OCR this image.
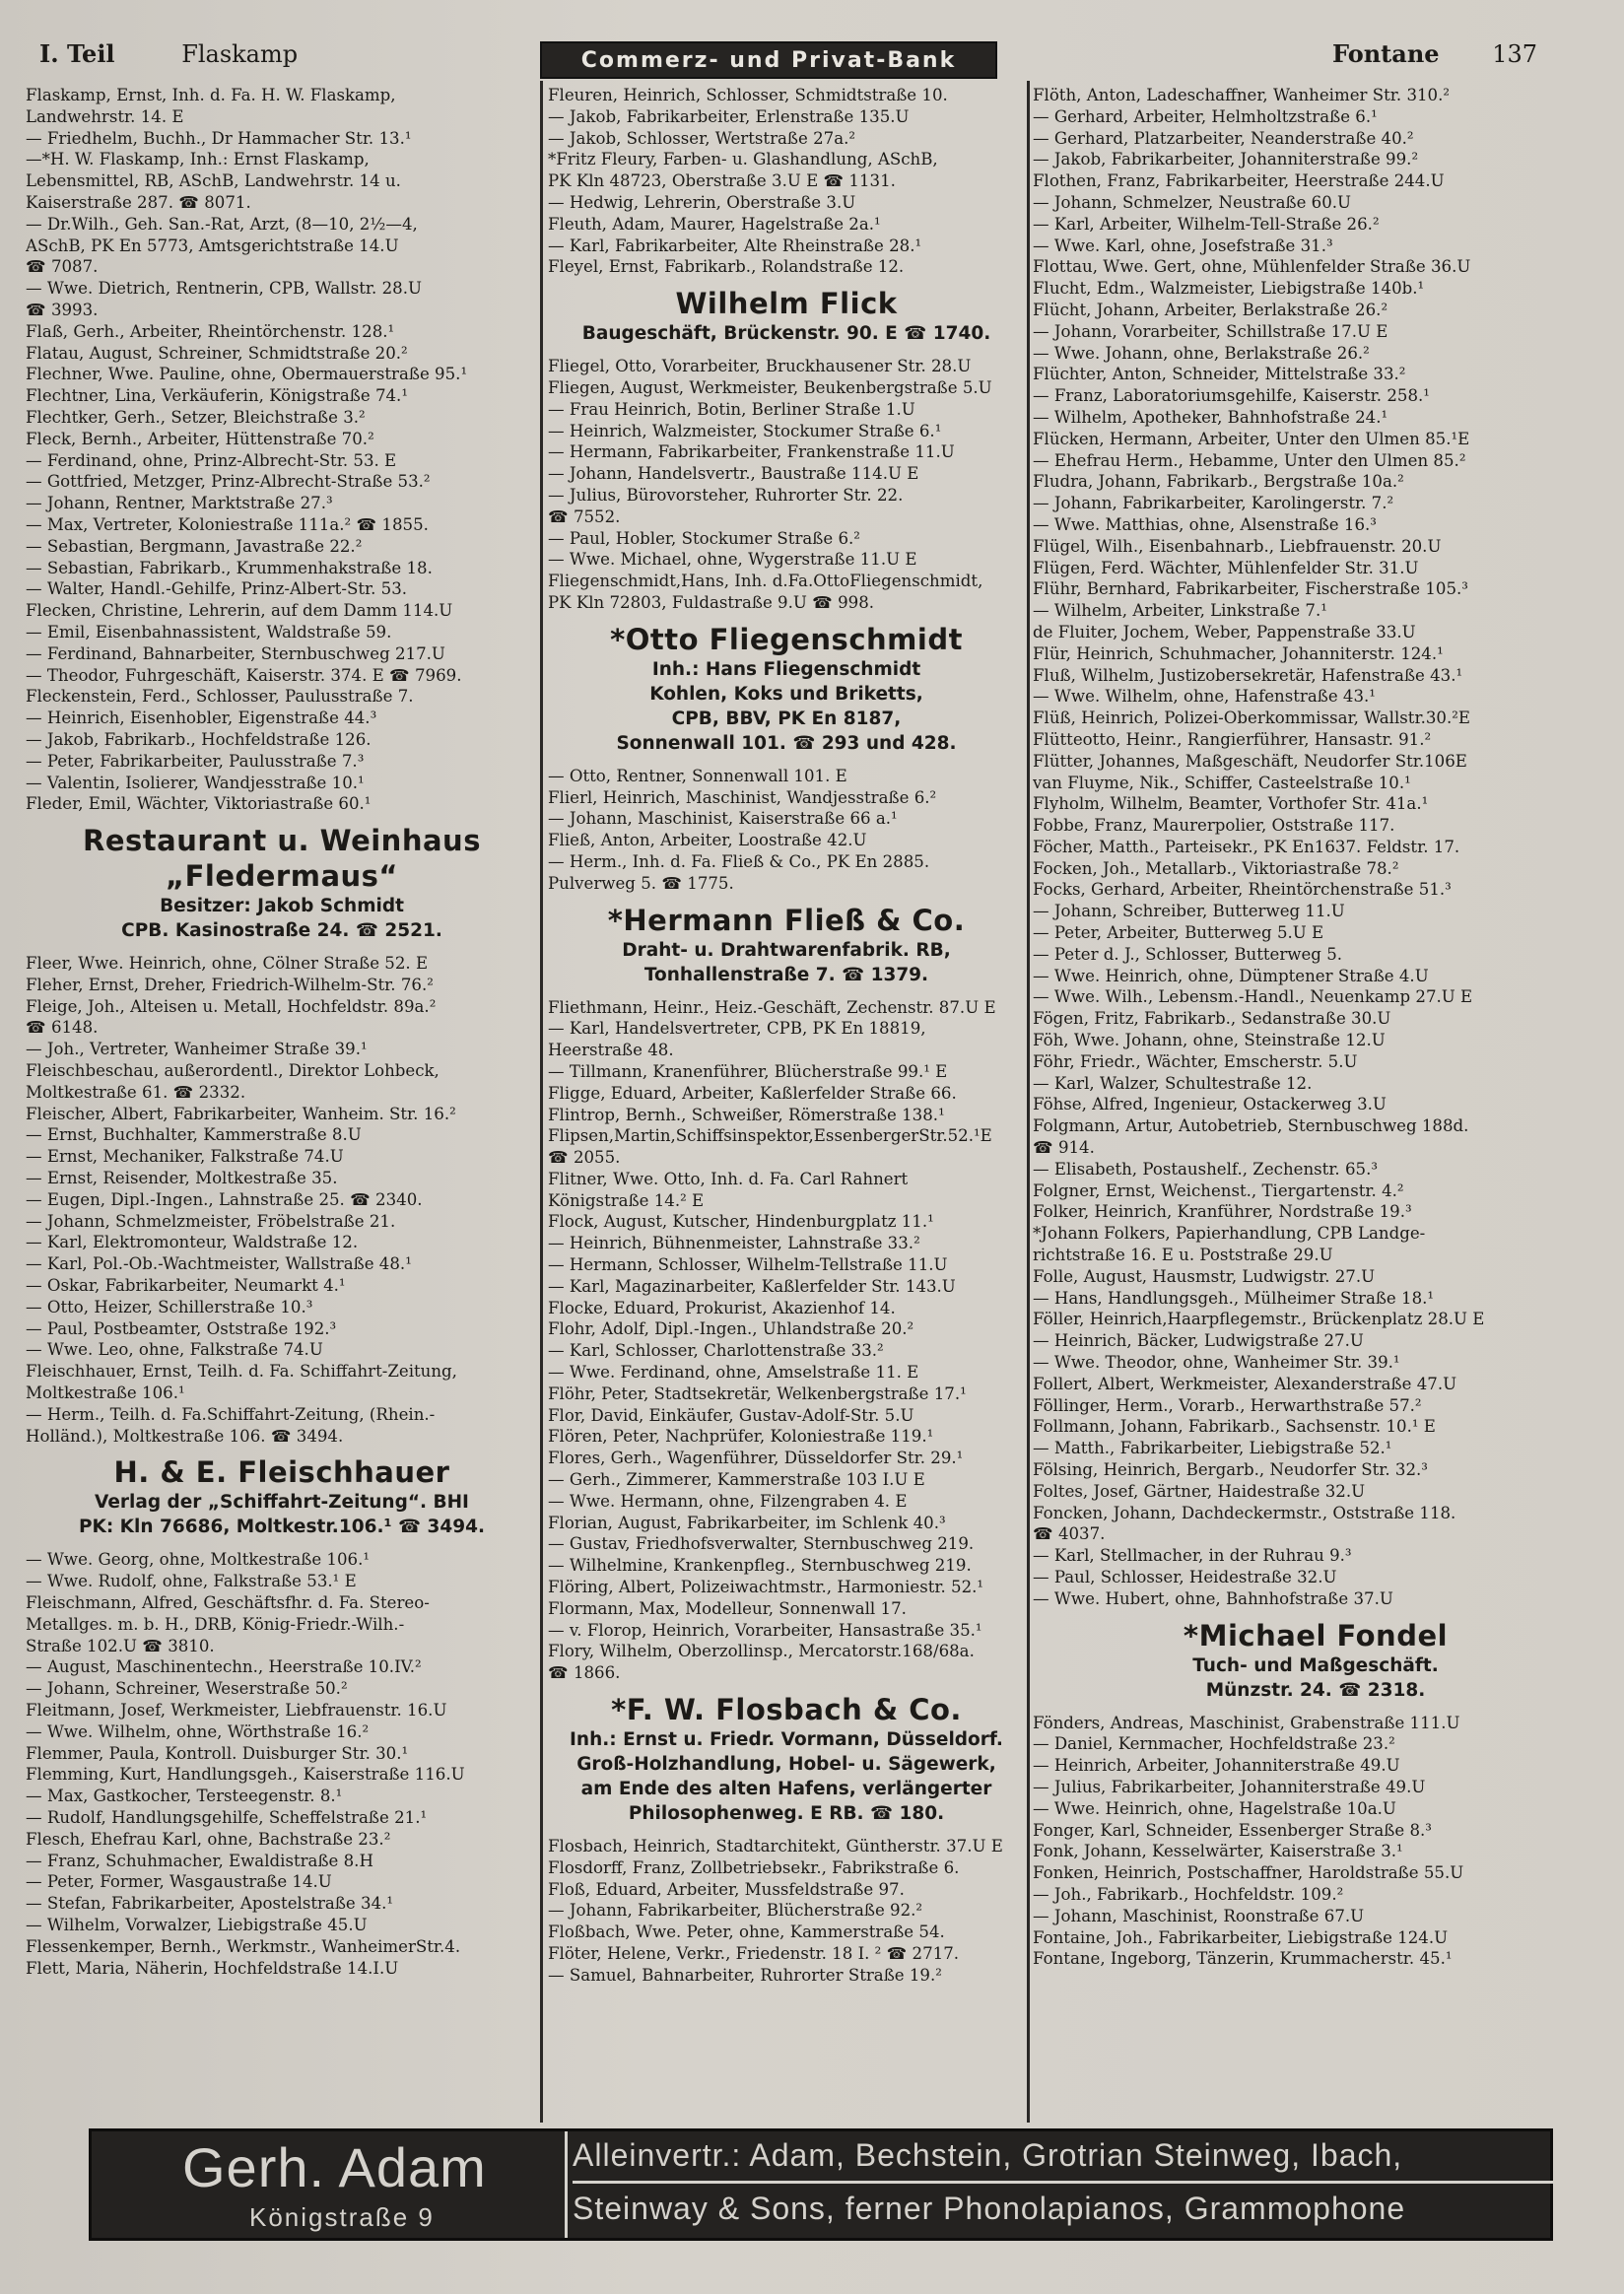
I. Teil	Flaskamp	Commerz- und Privat-Bank	Fontane 137
Flaskamp, Ernst, Inh. d. Fa. H. W. Flaskamp,
Landwehrstr. 14. E
— Friedhelm, Buchh., Dr Hammacher Str. 13.¹
—*H. W. Flaskamp, Inh.: Ernst Flaskamp,
Lebensmittel, RB, ASchB, Landwehrstr. 14 u.
Kaiserstraße 287. ☎ 8071.
— Dr.Wilh., Geh. San.-Rat, Arzt, (8—10, 2½—4,
ASchB, PK En 5773, Amtsgerichtstraße 14.U
☎ 7087.
— Wwe. Dietrich, Rentnerin, CPB, Wallstr. 28.U
☎ 3993.
Flaß, Gerh., Arbeiter, Rheintörchenstr. 128.¹
Flatau, August, Schreiner, Schmidtstraße 20.²
Flechner, Wwe. Pauline, ohne, Obermauerstraße 95.¹
Flechtner, Lina, Verkäuferin, Königstraße 74.¹
Flechtker, Gerh., Setzer, Bleichstraße 3.²
Fleck, Bernh., Arbeiter, Hüttenstraße 70.²
— Ferdinand, ohne, Prinz-Albrecht-Str. 53. E
— Gottfried, Metzger, Prinz-Albrecht-Straße 53.²
— Johann, Rentner, Marktstraße 27.³
— Max, Vertreter, Koloniestraße 111a.² ☎ 1855.
— Sebastian, Bergmann, Javastraße 22.²
— Sebastian, Fabrikarb., Krummenhakstraße 18.
— Walter, Handl.-Gehilfe, Prinz-Albert-Str. 53.
Flecken, Christine, Lehrerin, auf dem Damm 114.U
— Emil, Eisenbahnassistent, Waldstraße 59.
— Ferdinand, Bahnarbeiter, Sternbuschweg 217.U
— Theodor, Fuhrgeschäft, Kaiserstr. 374. E ☎ 7969.
Fleckenstein, Ferd., Schlosser, Paulusstraße 7.
— Heinrich, Eisenhobler, Eigenstraße 44.³
— Jakob, Fabrikarb., Hochfeldstraße 126.
— Peter, Fabrikarbeiter, Paulusstraße 7.³
— Valentin, Isolierer, Wandjesstraße 10.¹
Fleder, Emil, Wächter, Viktoriastraße 60.¹
Restaurant u. Weinhaus
„Fledermaus“
Besitzer: Jakob Schmidt
CPB. Kasinostraße 24. ☎ 2521.
Fleer, Wwe. Heinrich, ohne, Cölner Straße 52. E
Fleher, Ernst, Dreher, Friedrich-Wilhelm-Str. 76.²
Fleige, Joh., Alteisen u. Metall, Hochfeldstr. 89a.²
☎ 6148.
— Joh., Vertreter, Wanheimer Straße 39.¹
Fleischbeschau, außerordentl., Direktor Lohbeck,
Moltkestraße 61. ☎ 2332.
Fleischer, Albert, Fabrikarbeiter, Wanheim. Str. 16.²
— Ernst, Buchhalter, Kammerstraße 8.U
— Ernst, Mechaniker, Falkstraße 74.U
— Ernst, Reisender, Moltkestraße 35.
— Eugen, Dipl.-Ingen., Lahnstraße 25. ☎ 2340.
— Johann, Schmelzmeister, Fröbelstraße 21.
— Karl, Elektromonteur, Waldstraße 12.
— Karl, Pol.-Ob.-Wachtmeister, Wallstraße 48.¹
— Oskar, Fabrikarbeiter, Neumarkt 4.¹
— Otto, Heizer, Schillerstraße 10.³
— Paul, Postbeamter, Oststraße 192.³
— Wwe. Leo, ohne, Falkstraße 74.U
Fleischhauer, Ernst, Teilh. d. Fa. Schiffahrt-Zeitung,
Moltkestraße 106.¹
— Herm., Teilh. d. Fa.Schiffahrt-Zeitung, (Rhein.-
Holländ.), Moltkestraße 106. ☎ 3494.
H. & E. Fleischhauer
Verlag der „Schiffahrt-Zeitung“. BHI
PK: Kln 76686, Moltkestr.106.¹ ☎ 3494.
— Wwe. Georg, ohne, Moltkestraße 106.¹
— Wwe. Rudolf, ohne, Falkstraße 53.¹ E
Fleischmann, Alfred, Geschäftsfhr. d. Fa. Stereo-
Metallges. m. b. H., DRB, König-Friedr.-Wilh.-
Straße 102.U ☎ 3810.
— August, Maschinentechn., Heerstraße 10.IV.²
— Johann, Schreiner, Weserstraße 50.²
Fleitmann, Josef, Werkmeister, Liebfrauenstr. 16.U
— Wwe. Wilhelm, ohne, Wörthstraße 16.²
Flemmer, Paula, Kontroll. Duisburger Str. 30.¹
Flemming, Kurt, Handlungsgeh., Kaiserstraße 116.U
— Max, Gastkocher, Tersteegenstr. 8.¹
— Rudolf, Handlungsgehilfe, Scheffelstraße 21.¹
Flesch, Ehefrau Karl, ohne, Bachstraße 23.²
— Franz, Schuhmacher, Ewaldistraße 8.H
— Peter, Former, Wasgaustraße 14.U
— Stefan, Fabrikarbeiter, Apostelstraße 34.¹
— Wilhelm, Vorwalzer, Liebigstraße 45.U
Flessenkemper, Bernh., Werkmstr., WanheimerStr.4.
Flett, Maria, Näherin, Hochfeldstraße 14.I.U
Fleuren, Heinrich, Schlosser, Schmidtstraße 10.
— Jakob, Fabrikarbeiter, Erlenstraße 135.U
— Jakob, Schlosser, Wertstraße 27a.²
*Fritz Fleury, Farben- u. Glashandlung, ASchB,
PK Kln 48723, Oberstraße 3.U E ☎ 1131.
— Hedwig, Lehrerin, Oberstraße 3.U
Fleuth, Adam, Maurer, Hagelstraße 2a.¹
— Karl, Fabrikarbeiter, Alte Rheinstraße 28.¹
Fleyel, Ernst, Fabrikarb., Rolandstraße 12.
Wilhelm Flick
Baugeschäft, Brückenstr. 90. E ☎ 1740.
Fliegel, Otto, Vorarbeiter, Bruckhausener Str. 28.U
Fliegen, August, Werkmeister, Beukenbergstraße 5.U
— Frau Heinrich, Botin, Berliner Straße 1.U
— Heinrich, Walzmeister, Stockumer Straße 6.¹
— Hermann, Fabrikarbeiter, Frankenstraße 11.U
— Johann, Handelsvertr., Baustraße 114.U E
— Julius, Bürovorsteher, Ruhrorter Str. 22.
☎ 7552.
— Paul, Hobler, Stockumer Straße 6.²
— Wwe. Michael, ohne, Wygerstraße 11.U E
Fliegenschmidt,Hans, Inh. d.Fa.OttoFliegenschmidt,
PK Kln 72803, Fuldastraße 9.U ☎ 998.
*Otto Fliegenschmidt
Inh.: Hans Fliegenschmidt
Kohlen, Koks und Briketts,
CPB, BBV, PK En 8187,
Sonnenwall 101. ☎ 293 und 428.
— Otto, Rentner, Sonnenwall 101. E
Flierl, Heinrich, Maschinist, Wandjesstraße 6.²
— Johann, Maschinist, Kaiserstraße 66 a.¹
Fließ, Anton, Arbeiter, Loostraße 42.U
— Herm., Inh. d. Fa. Fließ & Co., PK En 2885.
Pulverweg 5. ☎ 1775.
*Hermann Fließ & Co.
Draht- u. Drahtwarenfabrik. RB,
Tonhallenstraße 7. ☎ 1379.
Fliethmann, Heinr., Heiz.-Geschäft, Zechenstr. 87.U E
— Karl, Handelsvertreter, CPB, PK En 18819,
Heerstraße 48.
— Tillmann, Kranenführer, Blücherstraße 99.¹ E
Fligge, Eduard, Arbeiter, Kaßlerfelder Straße 66.
Flintrop, Bernh., Schweißer, Römerstraße 138.¹
Flipsen,Martin,Schiffsinspektor,EssenbergerStr.52.¹E
☎ 2055.
Flitner, Wwe. Otto, Inh. d. Fa. Carl Rahnert
Königstraße 14.² E
Flock, August, Kutscher, Hindenburgplatz 11.¹
— Heinrich, Bühnenmeister, Lahnstraße 33.²
— Hermann, Schlosser, Wilhelm-Tellstraße 11.U
— Karl, Magazinarbeiter, Kaßlerfelder Str. 143.U
Flocke, Eduard, Prokurist, Akazienhof 14.
Flohr, Adolf, Dipl.-Ingen., Uhlandstraße 20.²
— Karl, Schlosser, Charlottenstraße 33.²
— Wwe. Ferdinand, ohne, Amselstraße 11. E
Flöhr, Peter, Stadtsekretär, Welkenbergstraße 17.¹
Flor, David, Einkäufer, Gustav-Adolf-Str. 5.U
Flören, Peter, Nachprüfer, Koloniestraße 119.¹
Flores, Gerh., Wagenführer, Düsseldorfer Str. 29.¹
— Gerh., Zimmerer, Kammerstraße 103 I.U E
— Wwe. Hermann, ohne, Filzengraben 4. E
Florian, August, Fabrikarbeiter, im Schlenk 40.³
— Gustav, Friedhofsverwalter, Sternbuschweg 219.
— Wilhelmine, Krankenpfleg., Sternbuschweg 219.
Flöring, Albert, Polizeiwachtmstr., Harmoniestr. 52.¹
Flormann, Max, Modelleur, Sonnenwall 17.
— v. Florop, Heinrich, Vorarbeiter, Hansastraße 35.¹
Flory, Wilhelm, Oberzollinsp., Mercatorstr.168/68a.
☎ 1866.
*F. W. Flosbach & Co.
Inh.: Ernst u. Friedr. Vormann, Düsseldorf.
Groß-Holzhandlung, Hobel- u. Sägewerk,
am Ende des alten Hafens, verlängerter
Philosophenweg. E RB. ☎ 180.
Flosbach, Heinrich, Stadtarchitekt, Güntherstr. 37.U E
Flosdorff, Franz, Zollbetriebsekr., Fabrikstraße 6.
Floß, Eduard, Arbeiter, Mussfeldstraße 97.
— Johann, Fabrikarbeiter, Blücherstraße 92.²
Floßbach, Wwe. Peter, ohne, Kammerstraße 54.
Flöter, Helene, Verkr., Friedenstr. 18 I. ² ☎ 2717.
— Samuel, Bahnarbeiter, Ruhrorter Straße 19.²
Flöth, Anton, Ladeschaffner, Wanheimer Str. 310.²
— Gerhard, Arbeiter, Helmholtzstraße 6.¹
— Gerhard, Platzarbeiter, Neanderstraße 40.²
— Jakob, Fabrikarbeiter, Johanniterstraße 99.²
Flothen, Franz, Fabrikarbeiter, Heerstraße 244.U
— Johann, Schmelzer, Neustraße 60.U
— Karl, Arbeiter, Wilhelm-Tell-Straße 26.²
— Wwe. Karl, ohne, Josefstraße 31.³
Flottau, Wwe. Gert, ohne, Mühlenfelder Straße 36.U
Flucht, Edm., Walzmeister, Liebigstraße 140b.¹
Flücht, Johann, Arbeiter, Berlakstraße 26.²
— Johann, Vorarbeiter, Schillstraße 17.U E
— Wwe. Johann, ohne, Berlakstraße 26.²
Flüchter, Anton, Schneider, Mittelstraße 33.²
— Franz, Laboratoriumsgehilfe, Kaiserstr. 258.¹
— Wilhelm, Apotheker, Bahnhofstraße 24.¹
Flücken, Hermann, Arbeiter, Unter den Ulmen 85.¹E
— Ehefrau Herm., Hebamme, Unter den Ulmen 85.²
Fludra, Johann, Fabrikarb., Bergstraße 10a.²
— Johann, Fabrikarbeiter, Karolingerstr. 7.²
— Wwe. Matthias, ohne, Alsenstraße 16.³
Flügel, Wilh., Eisenbahnarb., Liebfrauenstr. 20.U
Flügen, Ferd. Wächter, Mühlenfelder Str. 31.U
Flühr, Bernhard, Fabrikarbeiter, Fischerstraße 105.³
— Wilhelm, Arbeiter, Linkstraße 7.¹
de Fluiter, Jochem, Weber, Pappenstraße 33.U
Flür, Heinrich, Schuhmacher, Johanniterstr. 124.¹
Fluß, Wilhelm, Justizobersekretär, Hafenstraße 43.¹
— Wwe. Wilhelm, ohne, Hafenstraße 43.¹
Flüß, Heinrich, Polizei-Oberkommissar, Wallstr.30.²E
Flütteotto, Heinr., Rangierführer, Hansastr. 91.²
Flütter, Johannes, Maßgeschäft, Neudorfer Str.106E
van Fluyme, Nik., Schiffer, Casteelstraße 10.¹
Flyholm, Wilhelm, Beamter, Vorthofer Str. 41a.¹
Fobbe, Franz, Maurerpolier, Oststraße 117.
Föcher, Matth., Parteisekr., PK En1637. Feldstr. 17.
Focken, Joh., Metallarb., Viktoriastraße 78.²
Focks, Gerhard, Arbeiter, Rheintörchenstraße 51.³
— Johann, Schreiber, Butterweg 11.U
— Peter, Arbeiter, Butterweg 5.U E
— Peter d. J., Schlosser, Butterweg 5.
— Wwe. Heinrich, ohne, Dümptener Straße 4.U
— Wwe. Wilh., Lebensm.-Handl., Neuenkamp 27.U E
Fögen, Fritz, Fabrikarb., Sedanstraße 30.U
Föh, Wwe. Johann, ohne, Steinstraße 12.U
Föhr, Friedr., Wächter, Emscherstr. 5.U
— Karl, Walzer, Schultestraße 12.
Föhse, Alfred, Ingenieur, Ostackerweg 3.U
Folgmann, Artur, Autobetrieb, Sternbuschweg 188d.
☎ 914.
— Elisabeth, Postaushelf., Zechenstr. 65.³
Folgner, Ernst, Weichenst., Tiergartenstr. 4.²
Folker, Heinrich, Kranführer, Nordstraße 19.³
*Johann Folkers, Papierhandlung, CPB Landge-
richtstraße 16. E u. Poststraße 29.U
Folle, August, Hausmstr, Ludwigstr. 27.U
— Hans, Handlungsgeh., Mülheimer Straße 18.¹
Föller, Heinrich,Haarpflegemstr., Brückenplatz 28.U E
— Heinrich, Bäcker, Ludwigstraße 27.U
— Wwe. Theodor, ohne, Wanheimer Str. 39.¹
Follert, Albert, Werkmeister, Alexanderstraße 47.U
Föllinger, Herm., Vorarb., Herwarthstraße 57.²
Follmann, Johann, Fabrikarb., Sachsenstr. 10.¹ E
— Matth., Fabrikarbeiter, Liebigstraße 52.¹
Fölsing, Heinrich, Bergarb., Neudorfer Str. 32.³
Foltes, Josef, Gärtner, Haidestraße 32.U
Foncken, Johann, Dachdeckermstr., Oststraße 118.
☎ 4037.
— Karl, Stellmacher, in der Ruhrau 9.³
— Paul, Schlosser, Heidestraße 32.U
— Wwe. Hubert, ohne, Bahnhofstraße 37.U
*Michael Fondel
Tuch- und Maßgeschäft.
Münzstr. 24. ☎ 2318.
Fönders, Andreas, Maschinist, Grabenstraße 111.U
— Daniel, Kernmacher, Hochfeldstraße 23.²
— Heinrich, Arbeiter, Johanniterstraße 49.U
— Julius, Fabrikarbeiter, Johanniterstraße 49.U
— Wwe. Heinrich, ohne, Hagelstraße 10a.U
Fonger, Karl, Schneider, Essenberger Straße 8.³
Fonk, Johann, Kesselwärter, Kaiserstraße 3.¹
Fonken, Heinrich, Postschaffner, Haroldstraße 55.U
— Joh., Fabrikarb., Hochfeldstr. 109.²
— Johann, Maschinist, Roonstraße 67.U
Fontaine, Joh., Fabrikarbeiter, Liebigstraße 124.U
Fontane, Ingeborg, Tänzerin, Krummacherstr. 45.¹
Gerh. Adam
Königstraße 9
Alleinvertr.: Adam, Bechstein, Grotrian Steinweg, Ibach,
Steinway & Sons, ferner Phonolapianos, Grammophone
